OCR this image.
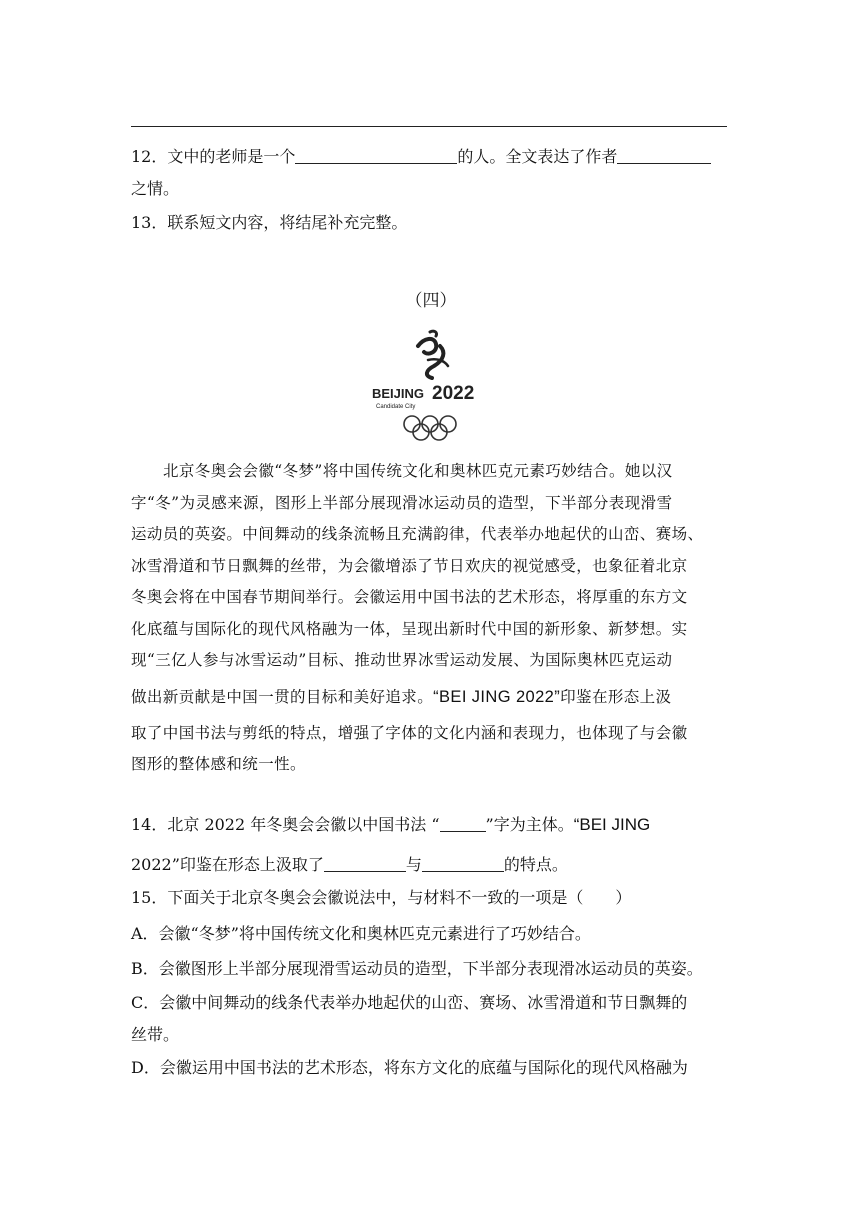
12．文中的老师是一个	的人。全文表达了作者
之情。
13．联系短文内容，将结尾补充完整。
（四）
BEIJING 2022
Candidate City
北京冬奥会会徽“冬梦”将中国传统文化和奥林匹克元素巧妙结合。她以汉
字“冬”为灵感来源，图形上半部分展现滑冰运动员的造型，下半部分表现滑雪
运动员的英姿。中间舞动的线条流畅且充满韵律，代表举办地起伏的山峦、赛场、
冰雪滑道和节日飘舞的丝带，为会徽增添了节日欢庆的视觉感受，也象征着北京
冬奥会将在中国春节期间举行。会徽运用中国书法的艺术形态，将厚重的东方文
化底蕴与国际化的现代风格融为一体，呈现出新时代中国的新形象、新梦想。实
现“三亿人参与冰雪运动”目标、推动世界冰雪运动发展、为国际奥林匹克运动
做出新贡献是中国一贯的目标和美好追求。“BEI JING 2022”印鉴在形态上汲
取了中国书法与剪纸的特点，增强了字体的文化内涵和表现力，也体现了与会徽
图形的整体感和统一性。
14．北京 2022 年冬奥会会徽以中国书法 “	”字为主体。“BEI JING
2022”印鉴在形态上汲取了	与	的特点。
15．下面关于北京冬奥会会徽说法中，与材料不一致的一项是（　　）
A．会徽“冬梦”将中国传统文化和奥林匹克元素进行了巧妙结合。
B．会徽图形上半部分展现滑雪运动员的造型，下半部分表现滑冰运动员的英姿。
C．会徽中间舞动的线条代表举办地起伏的山峦、赛场、冰雪滑道和节日飘舞的
丝带。
D．会徽运用中国书法的艺术形态，将东方文化的底蕴与国际化的现代风格融为
